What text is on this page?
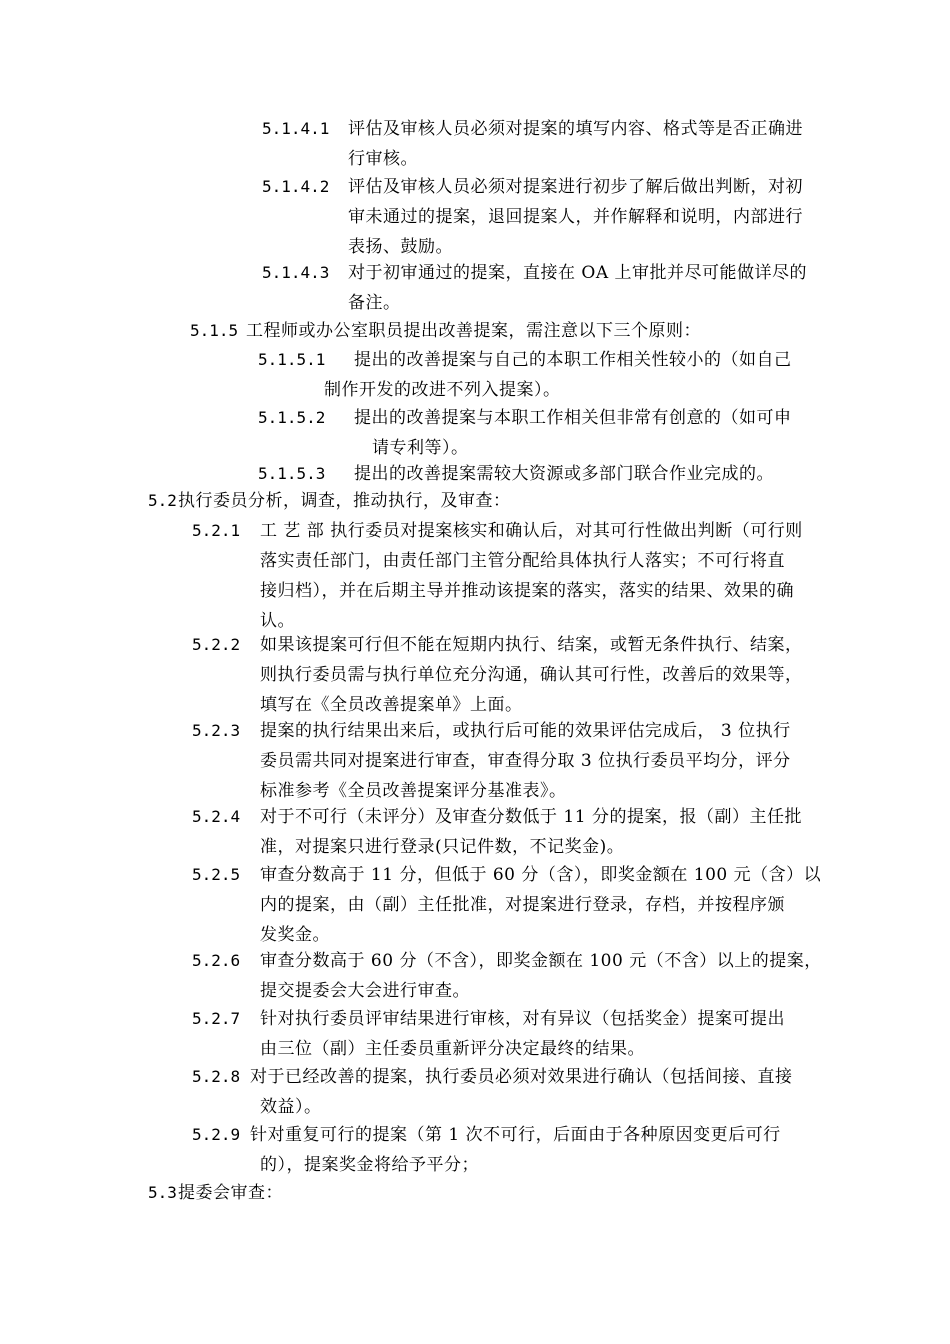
5.1.4.1	评估及审核人员必须对提案的填写内容、格式等是否正确进
行审核。
5.1.4.2	评估及审核人员必须对提案进行初步了解后做出判断，对初
审未通过的提案，退回提案人，并作解释和说明，内部进行
表扬、鼓励。
5.1.4.3	对于初审通过的提案，直接在 OA 上审批并尽可能做详尽的
备注。
5.1.5 工程师或办公室职员提出改善提案，需注意以下三个原则：
5.1.5.1	提出的改善提案与自己的本职工作相关性较小的（如自己
制作开发的改进不列入提案）。
5.1.5.2	提出的改善提案与本职工作相关但非常有创意的（如可申
请专利等）。
5.1.5.3	提出的改善提案需较大资源或多部门联合作业完成的。
5.2 执行委员分析，调查，推动执行，及审查：
5.2.1	工 艺 部 执行委员对提案核实和确认后，对其可行性做出判断（可行则
落实责任部门，由责任部门主管分配给具体执行人落实；不可行将直
接归档），并在后期主导并推动该提案的落实，落实的结果、效果的确
认。
5.2.2	如果该提案可行但不能在短期内执行、结案，或暂无条件执行、结案，
则执行委员需与执行单位充分沟通，确认其可行性，改善后的效果等，
填写在《全员改善提案单》上面。
5.2.3	提案的执行结果出来后，或执行后可能的效果评估完成后， 3 位执行
委员需共同对提案进行审查，审查得分取 3 位执行委员平均分，评分
标准参考《全员改善提案评分基准表》。
5.2.4	对于不可行（未评分）及审查分数低于 11 分的提案，报（副）主任批
准，对提案只进行登录(只记件数，不记奖金)。
5.2.5	审查分数高于 11 分，但低于 60 分（含），即奖金额在 100 元（含）以
内的提案，由（副）主任批准，对提案进行登录，存档，并按程序颁
发奖金。
5.2.6	审查分数高于 60 分（不含），即奖金额在 100 元（不含）以上的提案，
提交提委会大会进行审查。
5.2.7	针对执行委员评审结果进行审核，对有异议（包括奖金）提案可提出
由三位（副）主任委员重新评分决定最终的结果。
5.2.8 对于已经改善的提案，执行委员必须对效果进行确认（包括间接、直接
效益）。
5.2.9 针对重复可行的提案（第 1 次不可行，后面由于各种原因变更后可行
的），提案奖金将给予平分；
5.3 提委会审查：
